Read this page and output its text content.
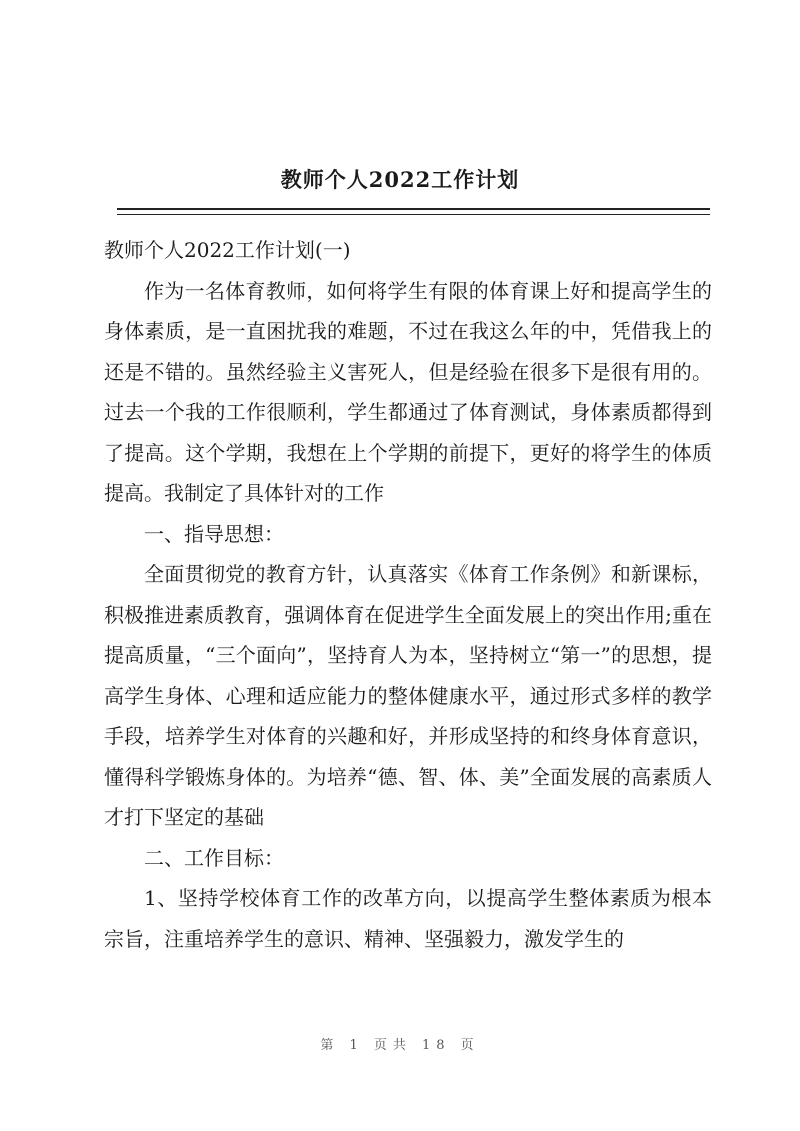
教师个人2022工作计划

教师个人2022工作计划(一)

作为一名体育教师，如何将学生有限的体育课上好和提高学生的身体素质，是一直困扰我的难题，不过在我这么年的中，凭借我上的还是不错的。虽然经验主义害死人，但是经验在很多下是很有用的。过去一个我的工作很顺利，学生都通过了体育测试，身体素质都得到了提高。这个学期，我想在上个学期的前提下，更好的将学生的体质提高。我制定了具体针对的工作

一、指导思想：

全面贯彻党的教育方针，认真落实《体育工作条例》和新课标，积极推进素质教育，强调体育在促进学生全面发展上的突出作用;重在提高质量，“三个面向”，坚持育人为本，坚持树立“第一”的思想，提高学生身体、心理和适应能力的整体健康水平，通过形式多样的教学手段，培养学生对体育的兴趣和好，并形成坚持的和终身体育意识，懂得科学锻炼身体的。为培养“德、智、体、美”全面发展的高素质人才打下坚定的基础

二、工作目标：

1、坚持学校体育工作的改革方向，以提高学生整体素质为根本宗旨，注重培养学生的意识、精神、坚强毅力，激发学生的

第 1 页共 18 页
